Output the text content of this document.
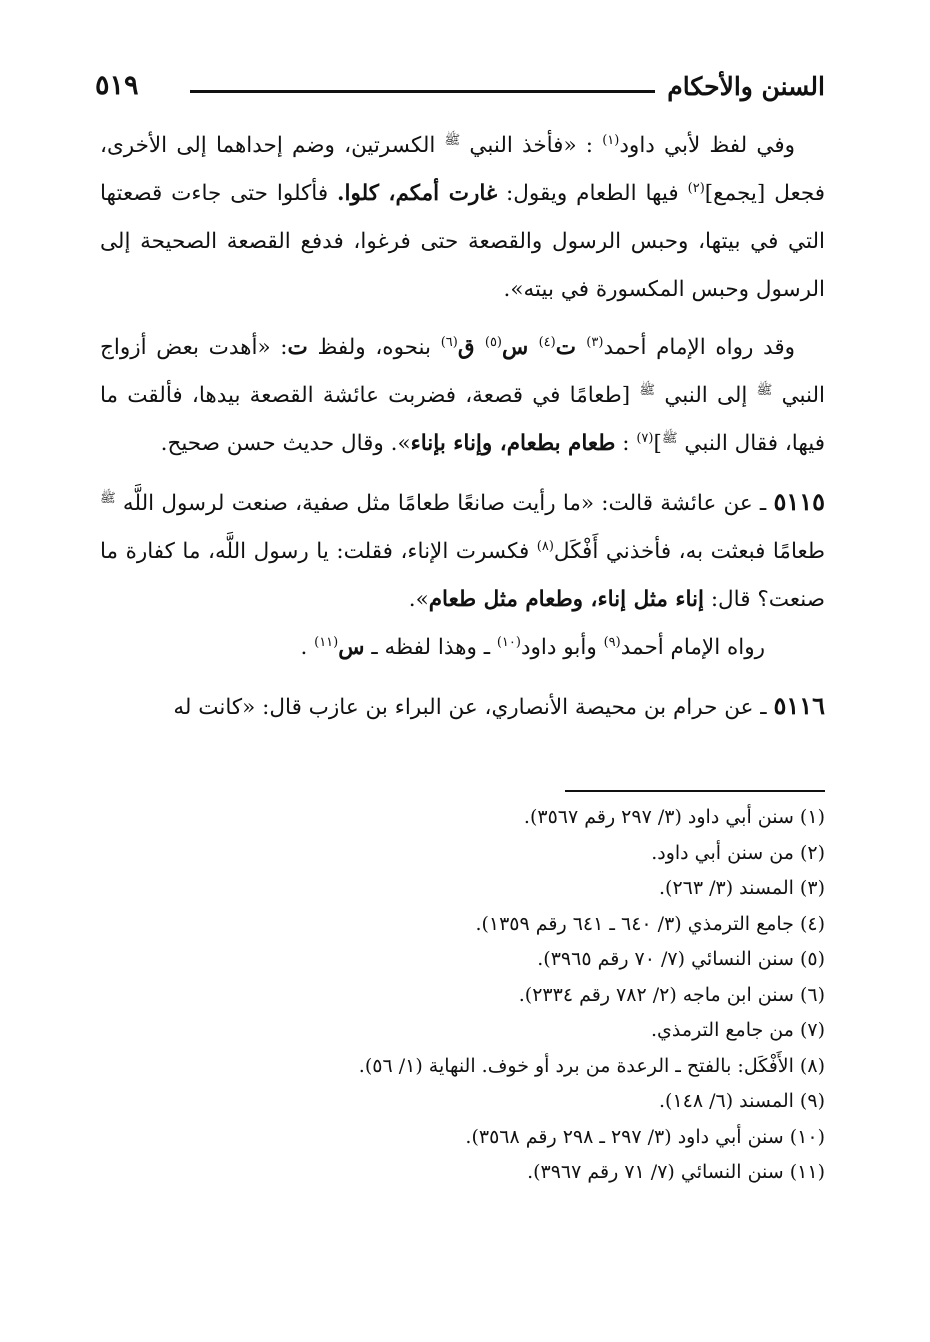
السنن والأحكام
٥١٩

وفي لفظ لأبي داود$^{(١)}$ : «فأخذ النبي $^ﷺ$ الكسرتين، وضم إحداهما إلى الأخرى، فجعل [يجمع]$^{(٢)}$ فيها الطعام ويقول: غارت أمكم، كلوا. فأكلوا حتى جاءت قصعتها التي في بيتها، وحبس الرسول والقصعة حتى فرغوا، فدفع القصعة الصحيحة إلى الرسول وحبس المكسورة في بيته».

وقد رواه الإمام أحمد$^{(٣)}$ ت$^{(٤)}$ س$^{(٥)}$ ق$^{(٦)}$ بنحوه، ولفظ ت: «أهدت بعض أزواج النبي $^ﷺ$ إلى النبي $^ﷺ$ [طعامًا في قصعة، فضربت عائشة القصعة بيدها، فألقت ما فيها، فقال النبي $^ﷺ$]$^{(٧)}$ : طعام بطعام، وإناء بإناء». وقال حديث حسن صحيح.

٥١١٥ ـ عن عائشة قالت: «ما رأيت صانعًا طعامًا مثل صفية، صنعت لرسول اللَّه $^ﷺ$ طعامًا فبعثت به، فأخذني أَفْكَل$^{(٨)}$ فكسرت الإناء، فقلت: يا رسول اللَّه، ما كفارة ما صنعت؟ قال: إناء مثل إناء، وطعام مثل طعام».

رواه الإمام أحمد$^{(٩)}$ وأبو داود$^{(١٠)}$ ـ وهذا لفظه ـ س$^{(١١)}$ .

٥١١٦ ـ عن حرام بن محيصة الأنصاري، عن البراء بن عازب قال: «كانت له

(١) سنن أبي داود (٣/ ٢٩٧ رقم ٣٥٦٧).
(٢) من سنن أبي داود.
(٣) المسند (٣/ ٢٦٣).
(٤) جامع الترمذي (٣/ ٦٤٠ ـ ٦٤١ رقم ١٣٥٩).
(٥) سنن النسائي (٧/ ٧٠ رقم ٣٩٦٥).
(٦) سنن ابن ماجه (٢/ ٧٨٢ رقم ٢٣٣٤).
(٧) من جامع الترمذي.
(٨) الأَفْكَل: بالفتح ـ الرعدة من برد أو خوف. النهاية (١/ ٥٦).
(٩) المسند (٦/ ١٤٨).
(١٠) سنن أبي داود (٣/ ٢٩٧ ـ ٢٩٨ رقم ٣٥٦٨).
(١١) سنن النسائي (٧/ ٧١ رقم ٣٩٦٧).
